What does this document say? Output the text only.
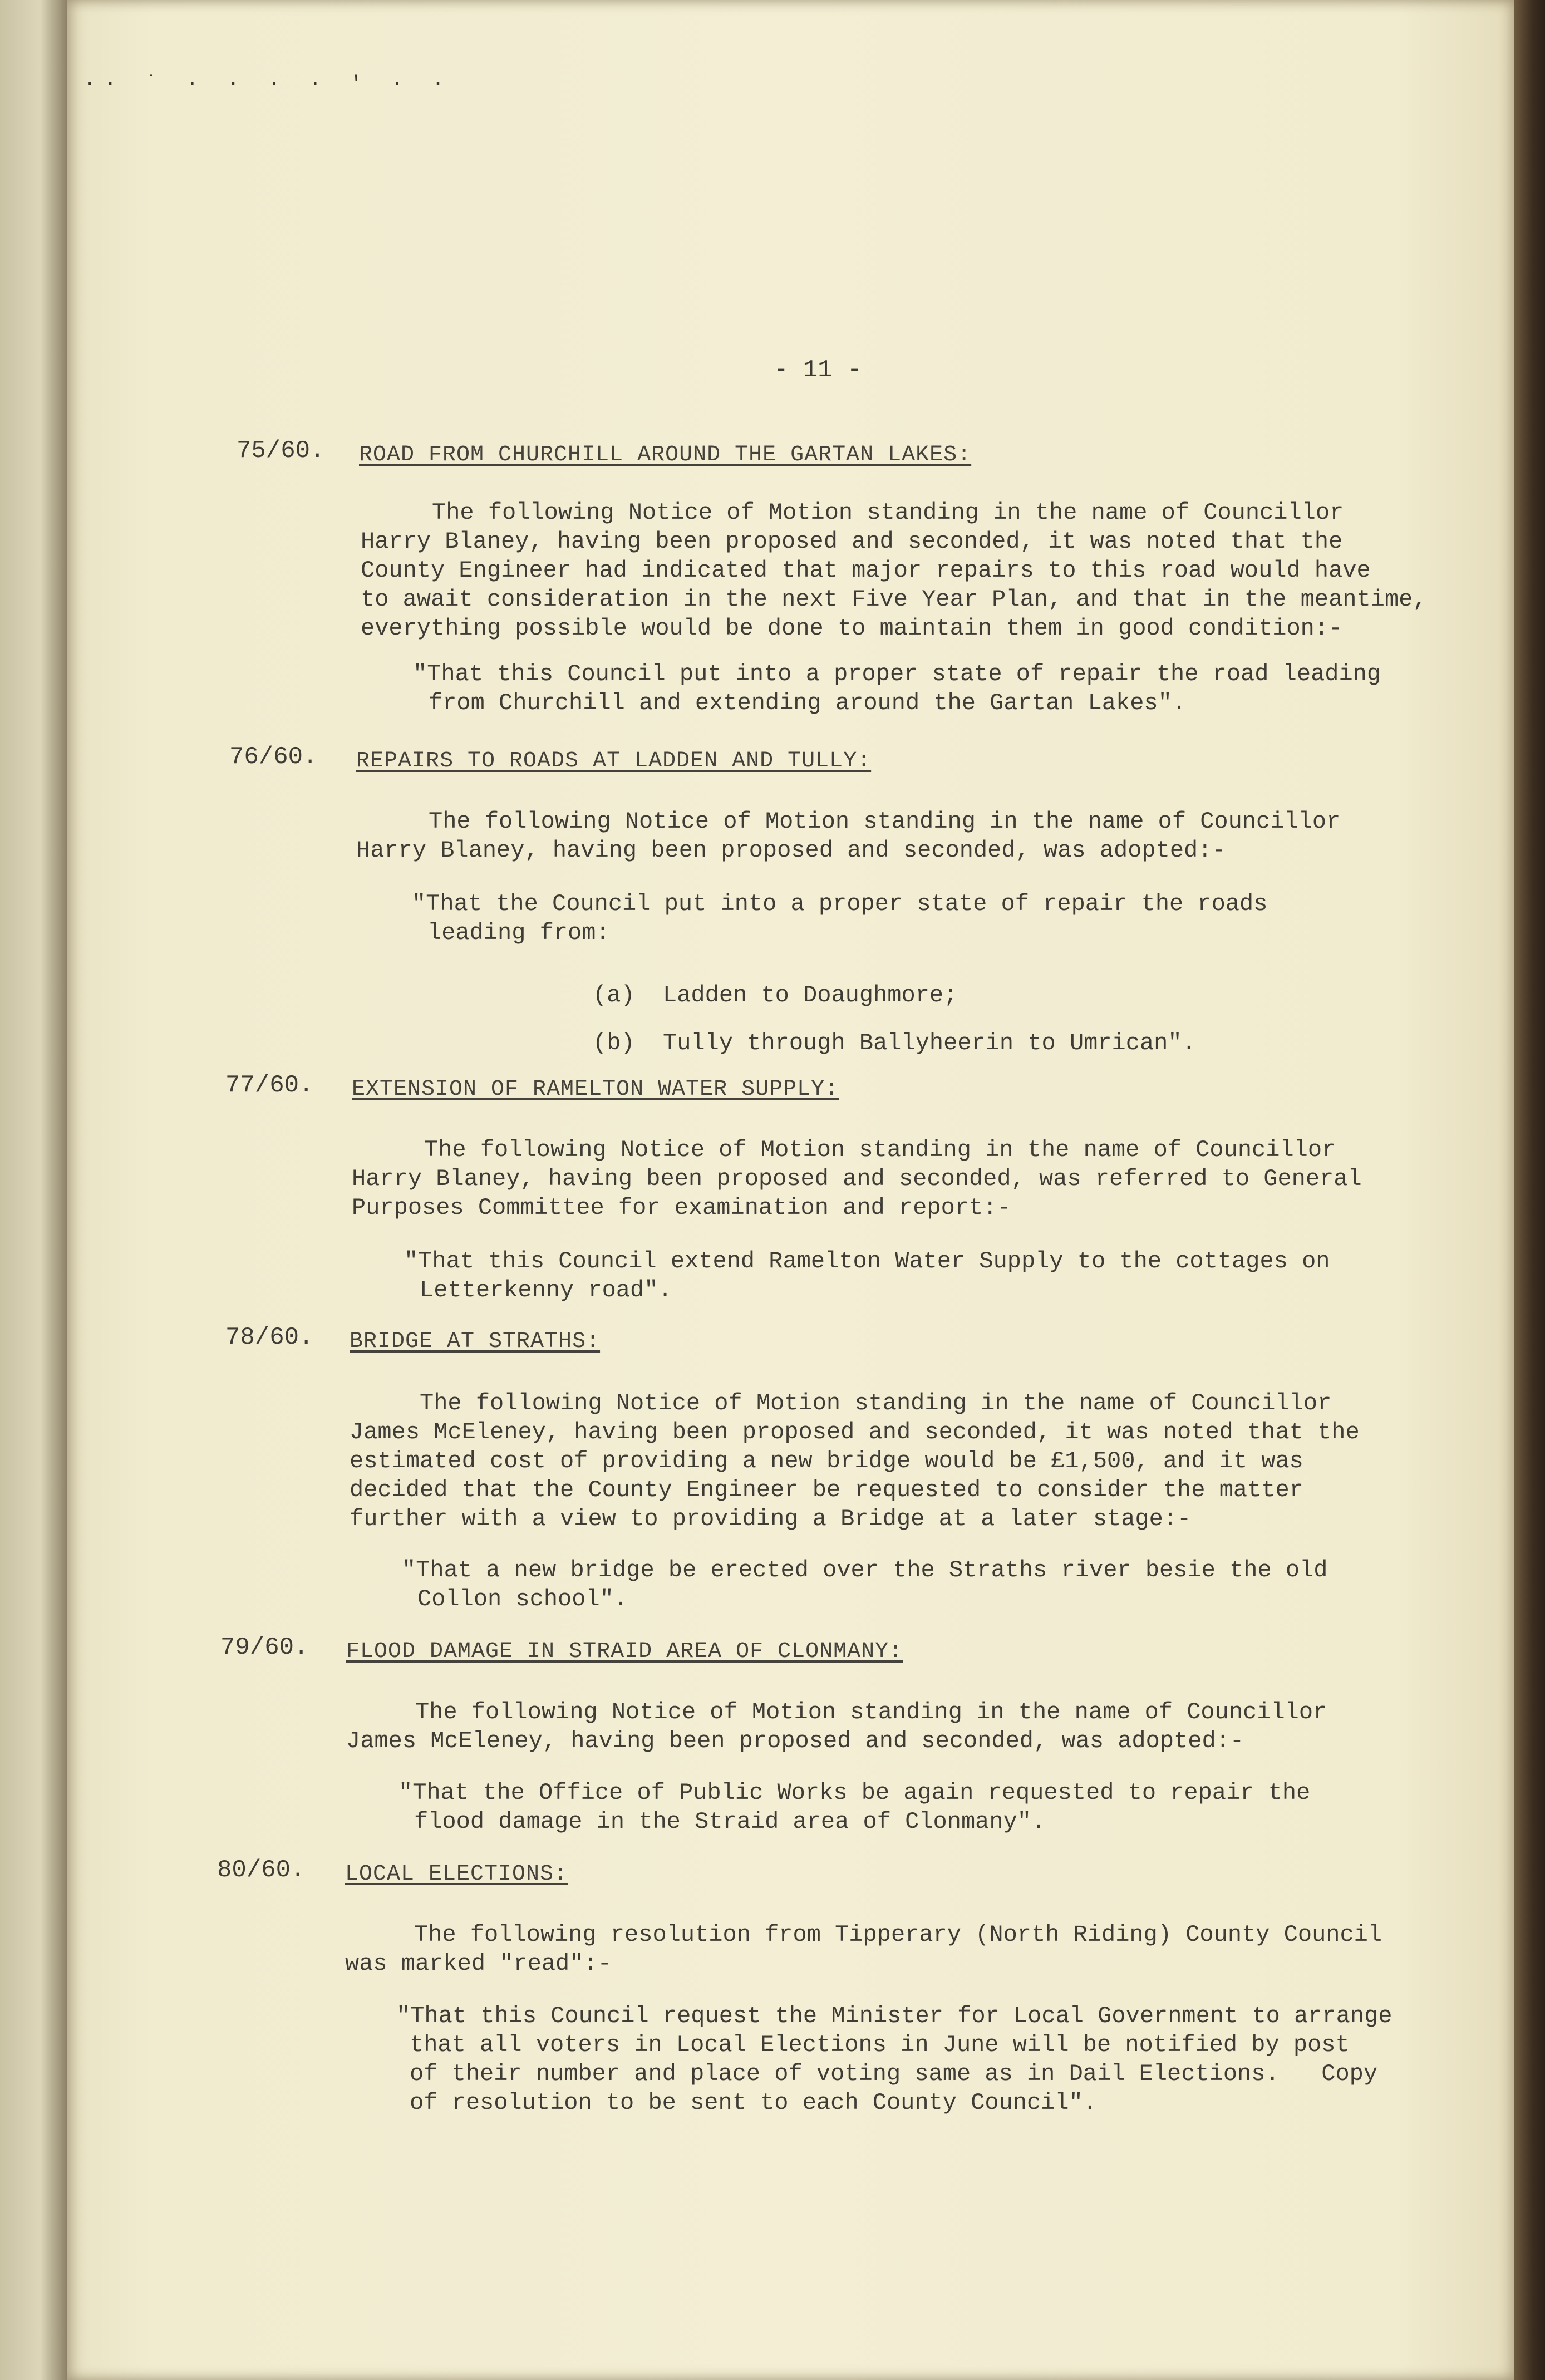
·· ˙ · · · · ' · ·
- 11 -
75/60. ROAD FROM CHURCHILL AROUND THE GARTAN LAKES:
The following Notice of Motion standing in the name of Councillor
Harry Blaney, having been proposed and seconded, it was noted that the
County Engineer had indicated that major repairs to this road would have
to await consideration in the next Five Year Plan, and that in the meantime,
everything possible would be done to maintain them in good condition:-
"That this Council put into a proper state of repair the road leading
from Churchill and extending around the Gartan Lakes".
76/60. REPAIRS TO ROADS AT LADDEN AND TULLY:
The following Notice of Motion standing in the name of Councillor
Harry Blaney, having been proposed and seconded, was adopted:-
"That the Council put into a proper state of repair the roads
leading from:
(a)  Ladden to Doaughmore;
(b)  Tully through Ballyheerin to Umrican".
77/60. EXTENSION OF RAMELTON WATER SUPPLY:
The following Notice of Motion standing in the name of Councillor
Harry Blaney, having been proposed and seconded, was referred to General
Purposes Committee for examination and report:-
"That this Council extend Ramelton Water Supply to the cottages on
Letterkenny road".
78/60. BRIDGE AT STRATHS:
The following Notice of Motion standing in the name of Councillor
James McEleney, having been proposed and seconded, it was noted that the
estimated cost of providing a new bridge would be £1,500, and it was
decided that the County Engineer be requested to consider the matter
further with a view to providing a Bridge at a later stage:-
"That a new bridge be erected over the Straths river besie the old
Collon school".
79/60. FLOOD DAMAGE IN STRAID AREA OF CLONMANY:
The following Notice of Motion standing in the name of Councillor
James McEleney, having been proposed and seconded, was adopted:-
"That the Office of Public Works be again requested to repair the
flood damage in the Straid area of Clonmany".
80/60. LOCAL ELECTIONS:
The following resolution from Tipperary (North Riding) County Council
was marked "read":-
"That this Council request the Minister for Local Government to arrange
that all voters in Local Elections in June will be notified by post
of their number and place of voting same as in Dail Elections.   Copy
of resolution to be sent to each County Council".
